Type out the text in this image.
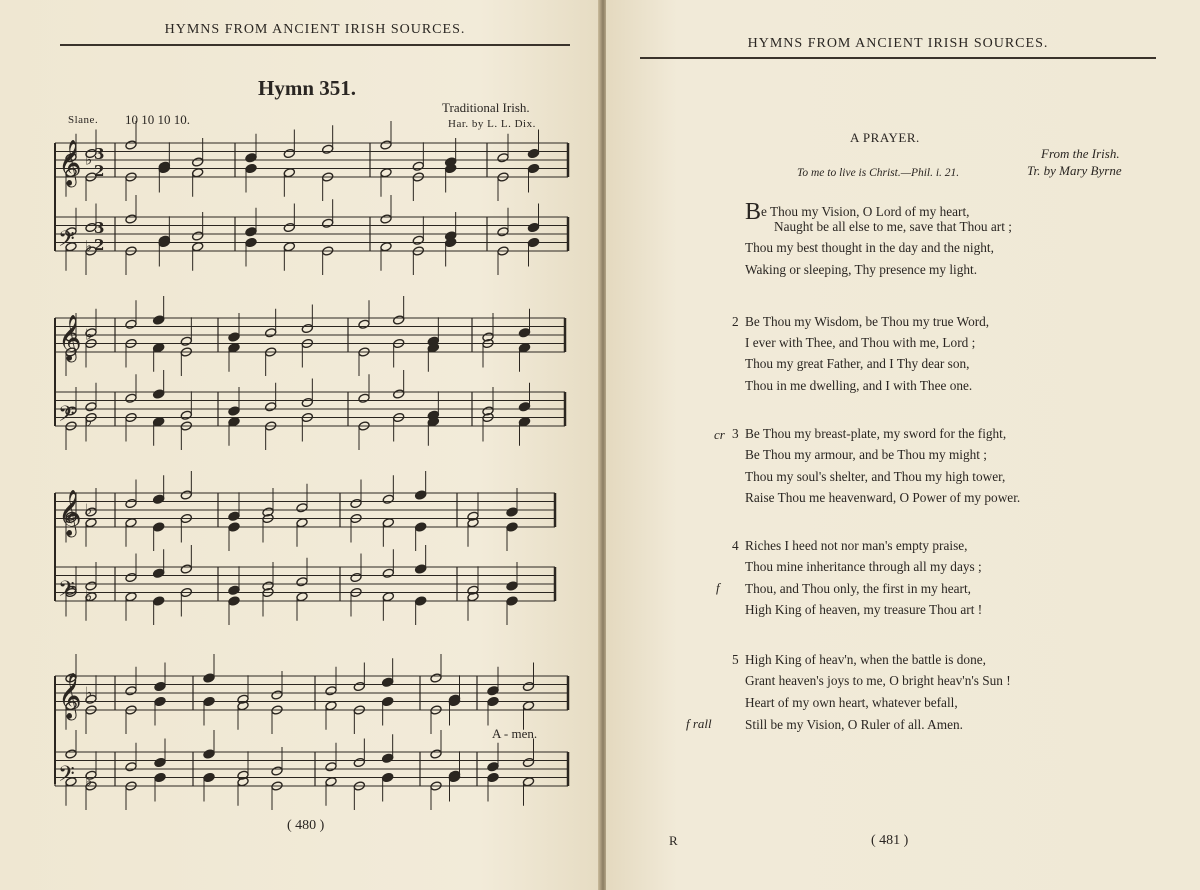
HYMNS FROM ANCIENT IRISH SOURCES.
Hymn 351.
Slane. 10 10 10 10.
Traditional Irish.
Har. by L. L. Dix.
𝄞 ♭
𝄢 ♭
𝄞 ♭
𝄢 ♭
𝄞 ♭
𝄢 ♭
𝄞 ♭
𝄢 ♭
3
2
3
2
A - men.
( 480 )
HYMNS FROM ANCIENT IRISH SOURCES.
A PRAYER.
From the Irish.
Tr. by Mary Byrne
To me to live is Christ.—Phil. i. 21.
Be Thou my Vision, O Lord of my heart,
Naught be all else to me, save that Thou art ;
Thou my best thought in the day and the night,
Waking or sleeping, Thy presence my light.
2 Be Thou my Wisdom, be Thou my true Word,
I ever with Thee, and Thou with me, Lord ;
Thou my great Father, and I Thy dear son,
Thou in me dwelling, and I with Thee one.
cr 3 Be Thou my breast-plate, my sword for the fight,
Be Thou my armour, and be Thou my might ;
Thou my soul's shelter, and Thou my high tower,
Raise Thou me heavenward, O Power of my power.
4 Riches I heed not nor man's empty praise,
Thou mine inheritance through all my days ;
f Thou, and Thou only, the first in my heart,
High King of heaven, my treasure Thou art !
5 High King of heav'n, when the battle is done,
Grant heaven's joys to me, O bright heav'n's Sun !
Heart of my own heart, whatever befall,
f rall	Still be my Vision, O Ruler of all. Amen.
R	( 481 )
